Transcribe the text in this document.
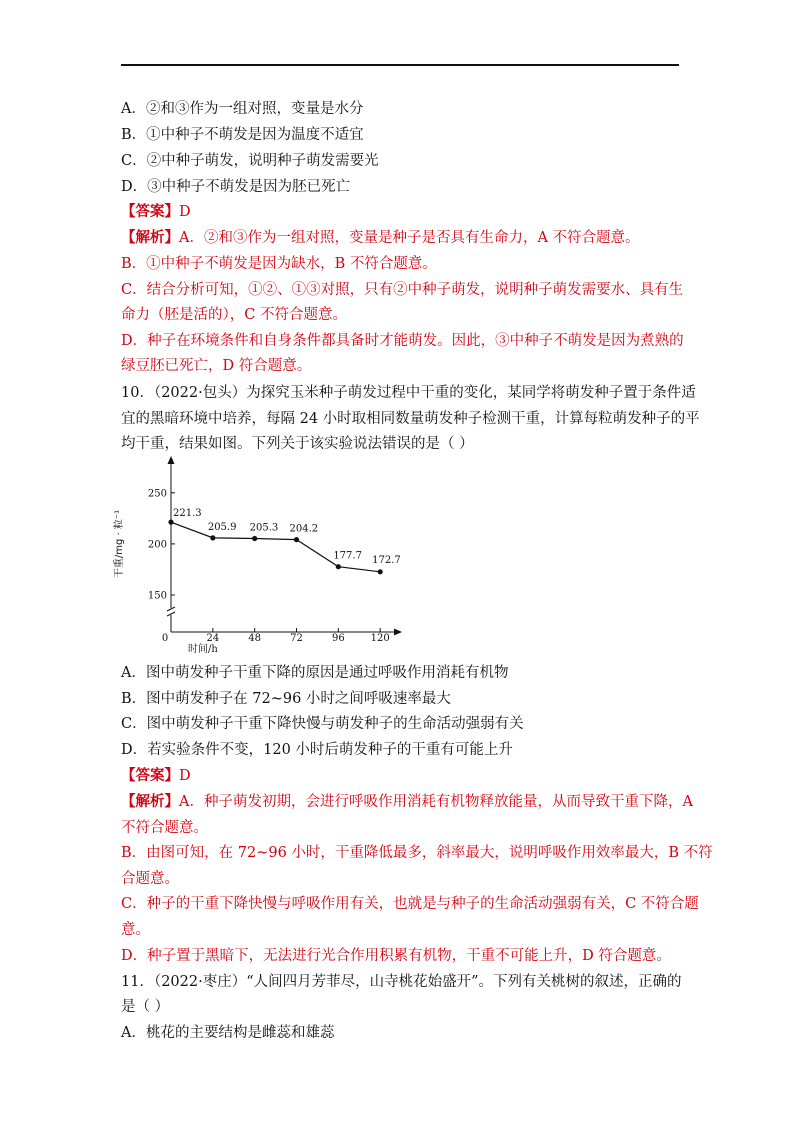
A．②和③作为一组对照，变量是水分
B．①中种子不萌发是因为温度不适宜
C．②中种子萌发，说明种子萌发需要光
D．③中种子不萌发是因为胚已死亡
【答案】D
【解析】A．②和③作为一组对照，变量是种子是否具有生命力，A 不符合题意。
B．①中种子不萌发是因为缺水，B 不符合题意。
C．结合分析可知，①②、①③对照，只有②中种子萌发，说明种子萌发需要水、具有生
命力（胚是活的），C 不符合题意。
D．种子在环境条件和自身条件都具备时才能萌发。因此，③中种子不萌发是因为煮熟的
绿豆胚已死亡，D 符合题意。
10．（2022·包头）为探究玉米种子萌发过程中干重的变化，某同学将萌发种子置于条件适
宜的黑暗环境中培养，每隔 24 小时取相同数量萌发种子检测干重，计算每粒萌发种子的平
均干重，结果如图。下列关于该实验说法错误的是（ ）
150
200
250
0	24	48	72	96	120
221.3
205.9 205.3 204.2
177.7 172.7
干重/mg · 粒⁻¹
时间/h
A．图中萌发种子干重下降的原因是通过呼吸作用消耗有机物
B．图中萌发种子在 72~96 小时之间呼吸速率最大
C．图中萌发种子干重下降快慢与萌发种子的生命活动强弱有关
D．若实验条件不变，120 小时后萌发种子的干重有可能上升
【答案】D
【解析】A．种子萌发初期，会进行呼吸作用消耗有机物释放能量，从而导致干重下降，A
不符合题意。
B．由图可知，在 72~96 小时，干重降低最多，斜率最大，说明呼吸作用效率最大，B 不符
合题意。
C．种子的干重下降快慢与呼吸作用有关，也就是与种子的生命活动强弱有关，C 不符合题
意。
D．种子置于黑暗下，无法进行光合作用积累有机物，干重不可能上升，D 符合题意。
11．（2022·枣庄）“人间四月芳菲尽，山寺桃花始盛开”。下列有关桃树的叙述，正确的
是（ ）
A．桃花的主要结构是雌蕊和雄蕊
